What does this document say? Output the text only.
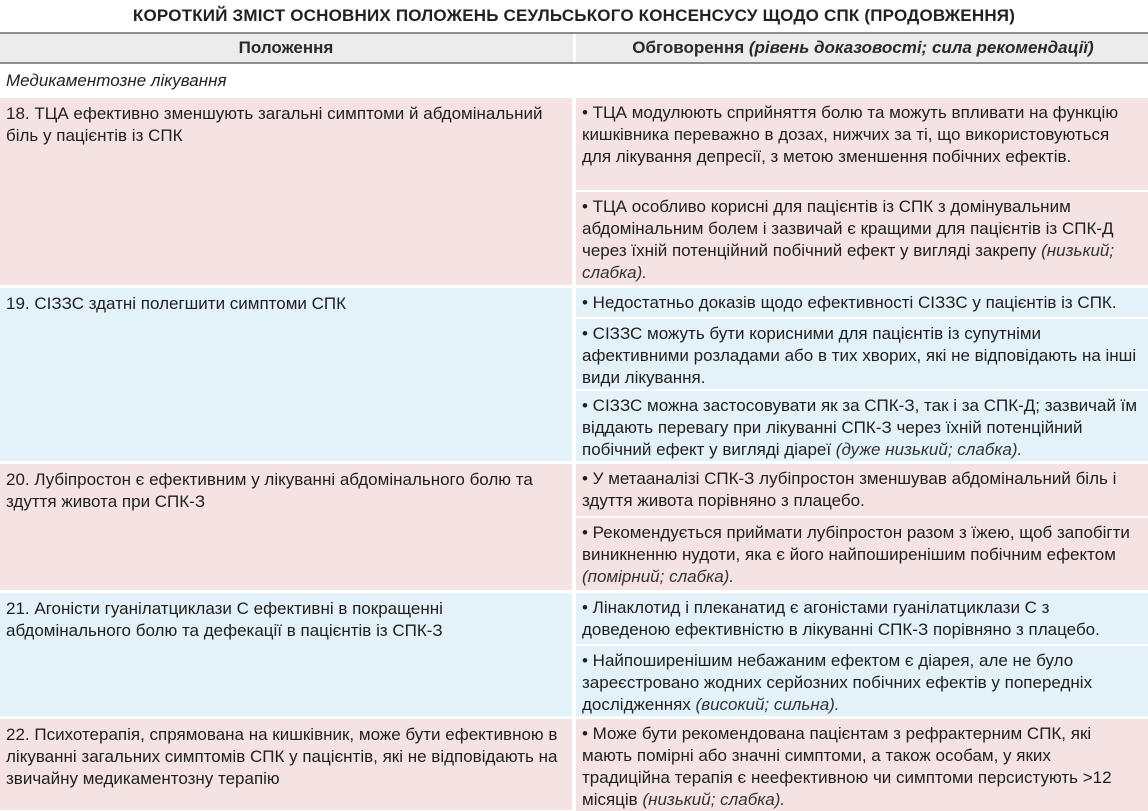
КОРОТКИЙ ЗМІСТ ОСНОВНИХ ПОЛОЖЕНЬ СЕУЛЬСЬКОГО КОНСЕНСУСУ ЩОДО СПК (ПРОДОВЖЕННЯ)
Положення	Обговорення (рівень доказовості; сила рекомендації)
Медикаментозне лікування
18. ТЦА ефективно зменшують загальні симптоми й абдомінальний біль у пацієнтів із СПК
• ТЦА модулюють сприйняття болю та можуть впливати на функцію кишківника переважно в дозах, нижчих за ті, що використовуються для лікування депресії, з метою зменшення побічних ефектів.
• ТЦА особливо корисні для пацієнтів із СПК з домінувальним абдомінальним болем і зазвичай є кращими для пацієнтів із СПК-Д через їхній потенційний побічний ефект у вигляді закрепу (низький; слабка).
19. СІЗЗС здатні полегшити симптоми СПК	• Недостатньо доказів щодо ефективності СІЗЗС у пацієнтів із СПК.
• СІЗЗС можуть бути корисними для пацієнтів із супутніми афективними розладами або в тих хворих, які не відповідають на інші види лікування.
• СІЗЗС можна застосовувати як за СПК-З, так і за СПК-Д; зазвичай їм віддають перевагу при лікуванні СПК-З через їхній потенційний побічний ефект у вигляді діареї (дуже низький; слабка).
20. Лубіпростон є ефективним у лікуванні абдомінального болю та здуття живота при СПК-З
• У метааналізі СПК-З лубіпростон зменшував абдомінальний біль і здуття живота порівняно з плацебо.
• Рекомендується приймати лубіпростон разом з їжею, щоб запобігти виникненню нудоти, яка є його найпоширенішим побічним ефектом (помірний; слабка).
21. Агоністи гуанілатциклази С ефективні в покращенні абдомінального болю та дефекації в пацієнтів із СПК-З
• Лінаклотид і плеканатид є агоністами гуанілатциклази С з доведеною ефективністю в лікуванні СПК-З порівняно з плацебо.
• Найпоширенішим небажаним ефектом є діарея, але не було зареєстровано жодних серйозних побічних ефектів у попередніх дослідженнях (високий; сильна).
22. Психотерапія, спрямована на кишківник, може бути ефективною в лікуванні загальних симптомів СПК у пацієнтів, які не відповідають на звичайну медикаментозну терапію
• Може бути рекомендована пацієнтам з рефрактерним СПК, які мають помірні або значні симптоми, а також особам, у яких традиційна терапія є неефективною чи симптоми персистують >12 місяців (низький; слабка).
